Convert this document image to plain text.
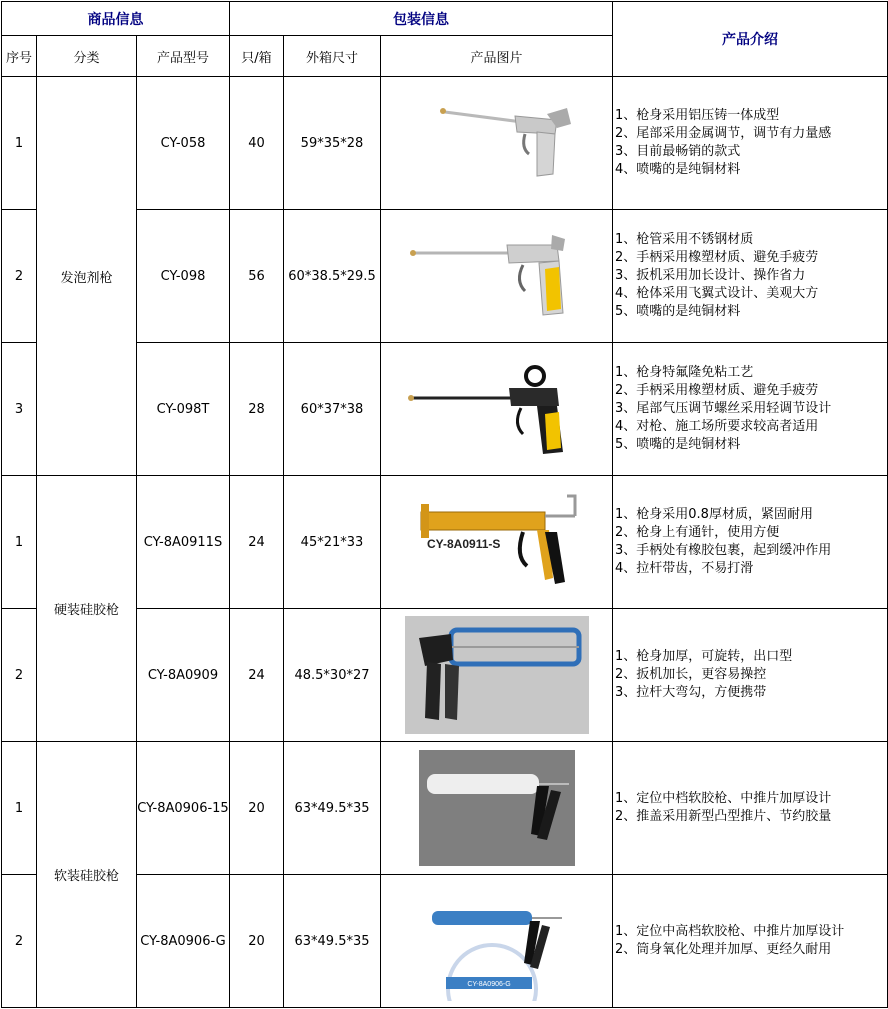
商品信息			包装信息			产品介绍
序号	分类	产品型号	只/箱	外箱尺寸	产品图片	
1	发泡剂枪	CY-058	40	59*35*28		1、枪身采用铝压铸一体成型
2、尾部采用金属调节，调节有力量感
3、目前最畅销的款式
4、喷嘴的是纯铜材料

2		CY-098	56	60*38.5*29.5		1、枪管采用不锈钢材质
2、手柄采用橡塑材质、避免手疲劳
3、扳机采用加长设计、操作省力
4、枪体采用飞翼式设计、美观大方
5、喷嘴的是纯铜材料

3		CY-098T	28	60*37*38		1、枪身特氟隆免粘工艺
2、手柄采用橡塑材质、避免手疲劳
3、尾部气压调节螺丝采用轻调节设计
4、对枪、施工场所要求较高者适用
5、喷嘴的是纯铜材料

1	硬装硅胶枪	CY-8A0911S	24	45*21*33	CY-8A0911-S	1、枪身采用0.8厚材质，紧固耐用
2、枪身上有通针，使用方便
3、手柄处有橡胶包裹，起到缓冲作用
4、拉杆带齿，不易打滑

2		CY-8A0909	24	48.5*30*27		1、枪身加厚，可旋转，出口型
2、扳机加长，更容易操控
3、拉杆大弯勾，方便携带

1	软装硅胶枪	CY-8A0906-15	20	63*49.5*35		1、定位中档软胶枪、中推片加厚设计
2、推盖采用新型凸型推片、节约胶量

2		CY-8A0906-G	20	63*49.5*35	CY-8A0906-G	1、定位中高档软胶枪、中推片加厚设计
2、筒身氧化处理并加厚、更经久耐用
